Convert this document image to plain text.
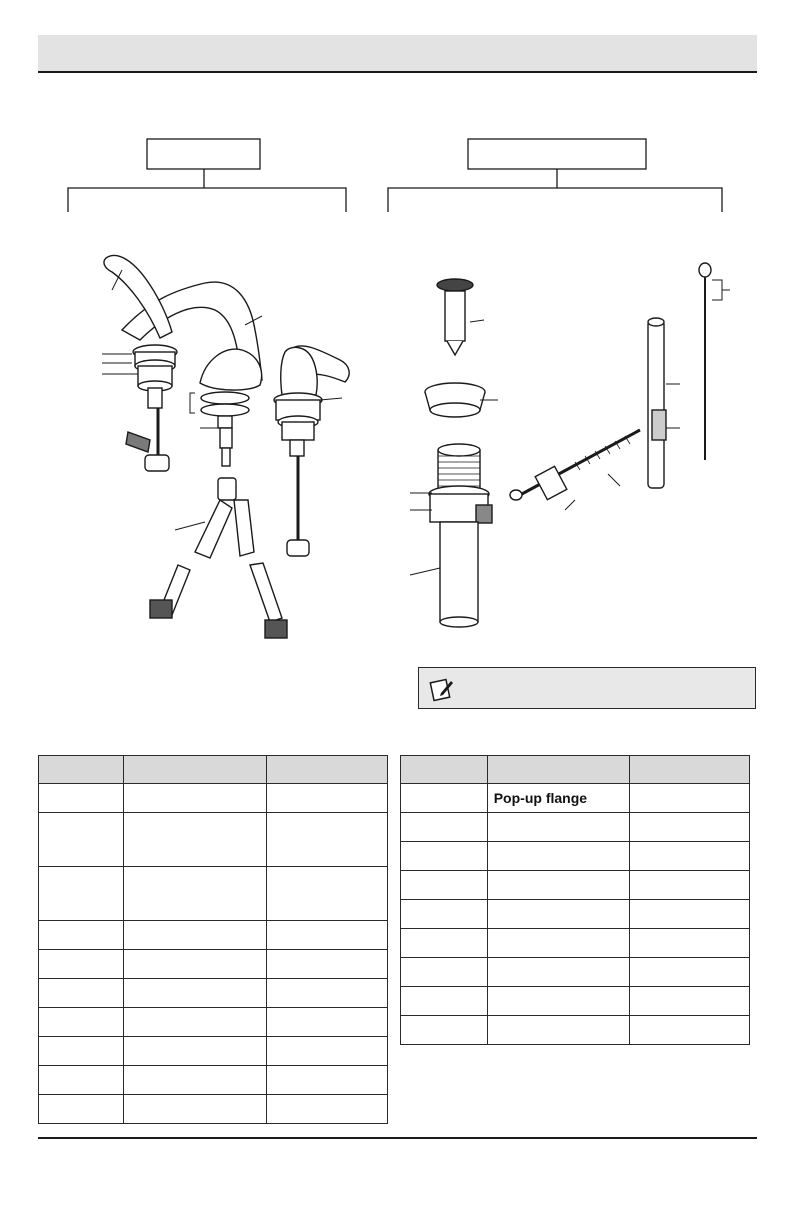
	Pop-up flange	
